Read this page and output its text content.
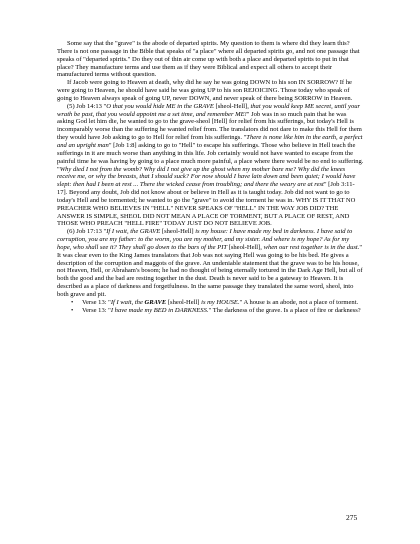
Some say that the "grave" is the abode of departed spirits. My question to them is where did they learn this? There is not one passage in the Bible that speaks of "a place" where all departed spirits go, and not one passage that speaks of "departed spirits." Do they out of thin air come up with both a place and departed spirits to put in that place? They manufacture terms and use them as if they were Biblical and expect all others to accept their manufactured terms without question.

If Jacob were going to Heaven at death, why did he say he was going DOWN to his son IN SORROW? If he were going to Heaven, he should have said he was going UP to his son REJOICING. Those today who speak of going to Heaven always speak of going UP, never DOWN, and never speak of there being SORROW in Heaven.

(5) Job 14:13 "O that you would hide ME in the GRAVE [sheol-Hell], that you would keep ME secret, until your wrath be past, that you would appoint me a set time, and remember ME!" Job was in so much pain that he was asking God let him die, he wanted to go to the grave-sheol [Hell] for relief from his sufferings, but today's Hell is incomparably worse than the suffering he wanted relief from. The translators did not dare to make this Hell for them they would have Job asking to go to Hell for relief from his sufferings. "There is none like him in the earth, a perfect and an upright man" [Job 1:8] asking to go to "Hell" to escape his sufferings. Those who believe in Hell teach the sufferings in it are much worse than anything in this life. Job certainly would not have wanted to escape from the painful time he was having by going to a place much more painful, a place where there would be no end to suffering. "Why died I not from the womb? Why did I not give up the ghost when my mother bare me? Why did the knees receive me, or why the breasts, that I should suck? For now should I have lain down and been quiet; I would have slept: then had I been at rest ... There the wicked cease from troubling; and there the weary are at rest" [Job 3:11-17]. Beyond any doubt, Job did not know about or believe in Hell as it is taught today. Job did not want to go to today's Hell and be tormented; he wanted to go the "grave" to avoid the torment he was in. WHY IS IT THAT NO PREACHER WHO BELIEVES IN "HELL" NEVER SPEAKS OF "HELL" IN THE WAY JOB DID? THE ANSWER IS SIMPLE, SHEOL DID NOT MEAN A PLACE OF TORMENT, BUT A PLACE OF REST, AND THOSE WHO PREACH "HELL FIRE" TODAY JUST DO NOT BELIEVE JOB.

(6) Job 17:13 "If I wait, the GRAVE [sheol-Hell] is my house: I have made my bed in darkness. I have said to corruption, you are my father: to the worm, you are my mother, and my sister. And where is my hope? As for my hope, who shall see it? They shall go down to the bars of the PIT [sheol-Hell], when our rest together is in the dust." It was clear even to the King James translators that Job was not saying Hell was going to be his bed. He gives a description of the corruption and maggots of the grave. An undeniable statement that the grave was to be his house, not Heaven, Hell, or Abraham's bosom; he had no thought of being eternally tortured in the Dark Age Hell, but all of both the good and the bad are resting together in the dust. Death is never said to be a gateway to Heaven. It is described as a place of darkness and forgetfulness. In the same passage they translated the same word, sheol, into both grave and pit.

• Verse 13: "If I wait, the GRAVE [sheol-Hell] is my HOUSE." A house is an abode, not a place of torment.
• Verse 13: "I have made my BED in DARKNESS." The darkness of the grave. Is a place of fire or darkness?
275
